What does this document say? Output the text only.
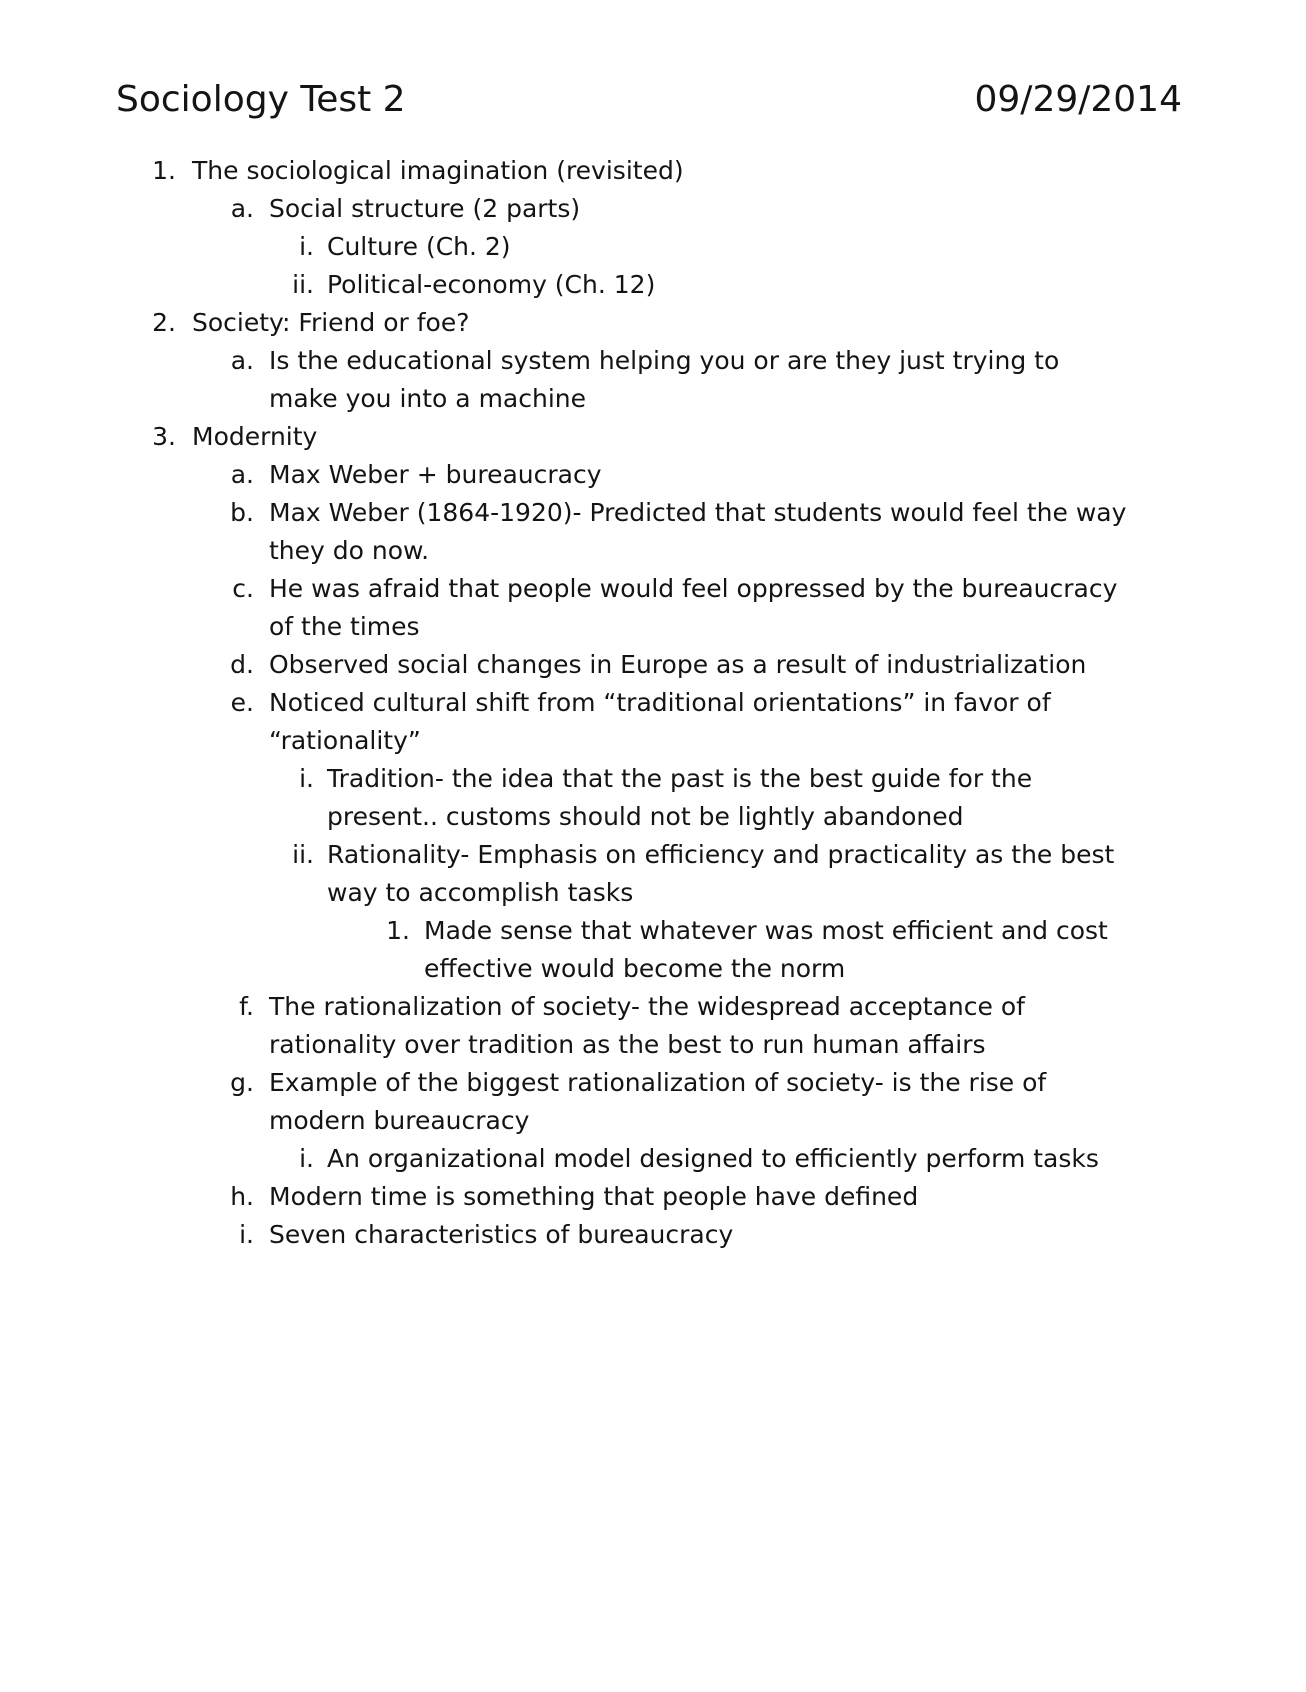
Sociology Test 2	09/29/2014
1. The sociological imagination (revisited)
a. Social structure (2 parts)
i. Culture (Ch. 2)
ii. Political-economy (Ch. 12)
2. Society: Friend or foe?
a. Is the educational system helping you or are they just trying to
make you into a machine
3. Modernity
a. Max Weber + bureaucracy
b. Max Weber (1864-1920)- Predicted that students would feel the way
they do now.
c. He was afraid that people would feel oppressed by the bureaucracy
of the times
d. Observed social changes in Europe as a result of industrialization
e. Noticed cultural shift from “traditional orientations” in favor of
“rationality”
i. Tradition- the idea that the past is the best guide for the
present.. customs should not be lightly abandoned
ii. Rationality- Emphasis on efficiency and practicality as the best
way to accomplish tasks
1. Made sense that whatever was most efficient and cost
effective would become the norm
f. The rationalization of society- the widespread acceptance of
rationality over tradition as the best to run human affairs
g. Example of the biggest rationalization of society- is the rise of
modern bureaucracy
i. An organizational model designed to efficiently perform tasks
h. Modern time is something that people have defined
i. Seven characteristics of bureaucracy
